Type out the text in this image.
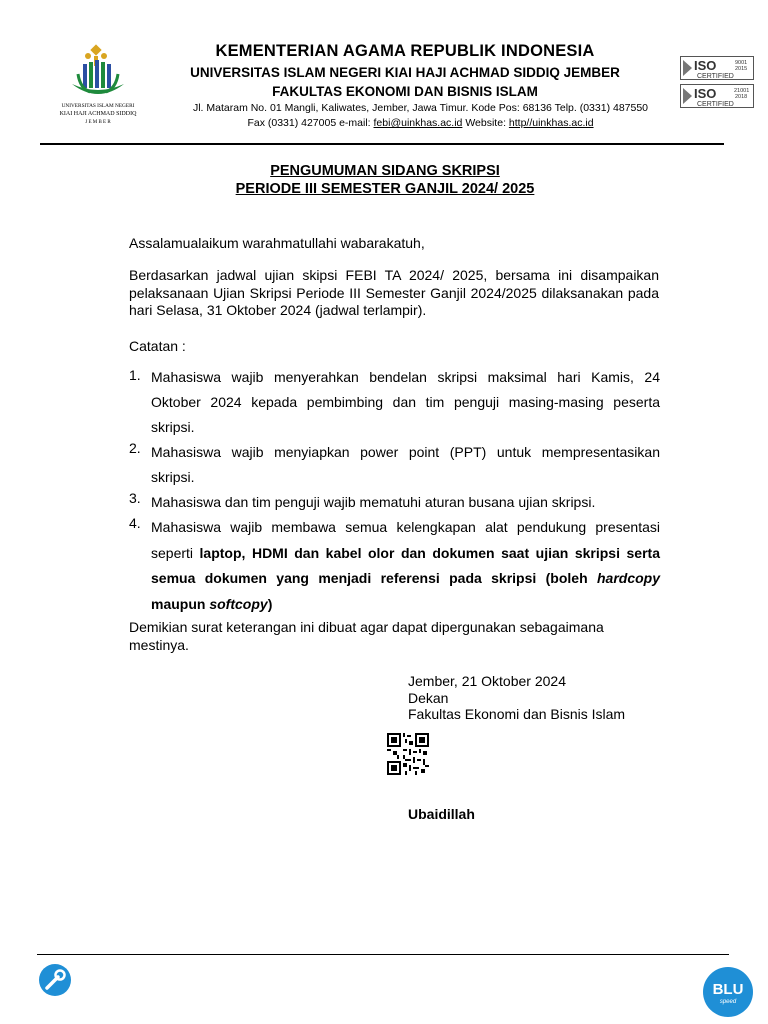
UNIVERSITAS ISLAM NEGERI
KIAI HAJI ACHMAD SIDDIQ
J E M B E R
KEMENTERIAN AGAMA REPUBLIK INDONESIA
UNIVERSITAS ISLAM NEGERI KIAI HAJI ACHMAD SIDDIQ JEMBER
FAKULTAS EKONOMI DAN BISNIS ISLAM
Jl. Mataram No. 01 Mangli, Kaliwates, Jember, Jawa Timur. Kode Pos: 68136 Telp. (0331) 487550
Fax (0331) 427005 e-mail: febi@uinkhas.ac.id Website: http//uinkhas.ac.id
ISO	9001
2015
CERTIFIED
ISO	21001
2018
CERTIFIED
PENGUMUMAN SIDANG SKRIPSI
PERIODE III SEMESTER GANJIL 2024/ 2025
Assalamualaikum warahmatullahi wabarakatuh,
Berdasarkan jadwal ujian skipsi FEBI TA 2024/ 2025, bersama ini disampaikan pelaksanaan Ujian Skripsi Periode III Semester Ganjil 2024/2025 dilaksanakan pada hari Selasa, 31 Oktober 2024 (jadwal terlampir).
Catatan :
1. Mahasiswa wajib menyerahkan bendelan skripsi maksimal hari Kamis, 24 Oktober 2024 kepada pembimbing dan tim penguji masing-masing peserta skripsi.
2. Mahasiswa wajib menyiapkan power point (PPT) untuk mempresentasikan skripsi.
3. Mahasiswa dan tim penguji wajib mematuhi aturan busana ujian skripsi.
4. Mahasiswa wajib membawa semua kelengkapan alat pendukung presentasi seperti laptop, HDMI dan kabel olor dan dokumen saat ujian skripsi serta semua dokumen yang menjadi referensi pada skripsi (boleh hardcopy maupun softcopy)
Demikian surat keterangan ini dibuat agar dapat dipergunakan sebagaimana mestinya.
Jember, 21 Oktober 2024
Dekan
Fakultas Ekonomi dan Bisnis Islam
Ubaidillah
BLU
speed
